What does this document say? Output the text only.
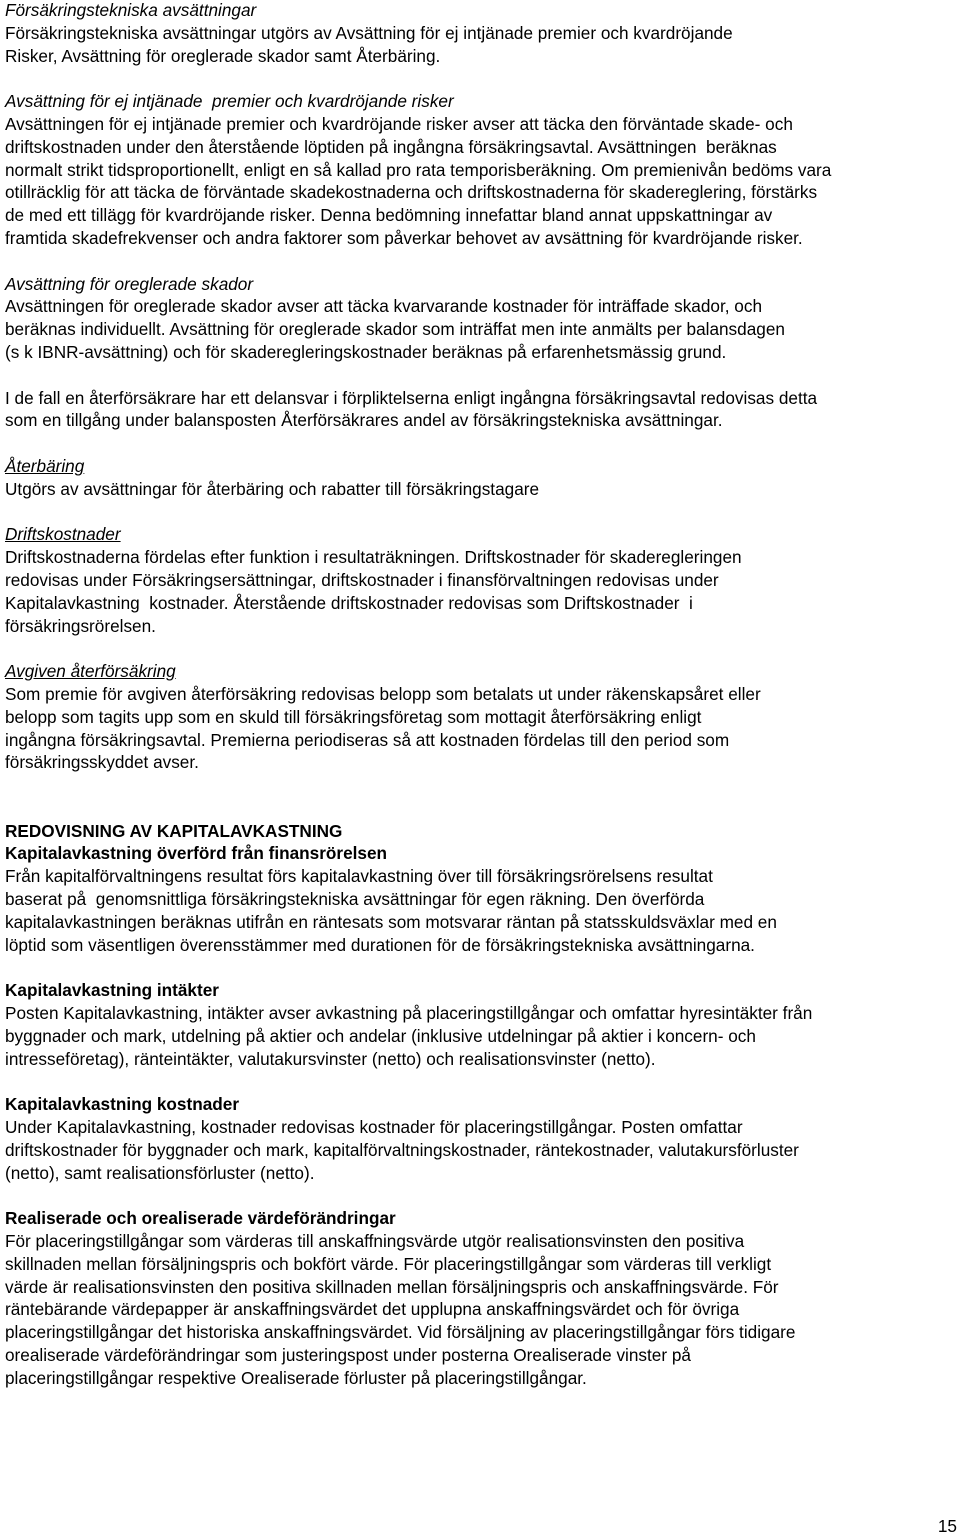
Försäkringstekniska avsättningar
Försäkringstekniska avsättningar utgörs av Avsättning för ej intjänade premier och kvardröjande
Risker, Avsättning för oreglerade skador samt Återbäring.
Avsättning för ej intjänade  premier och kvardröjande risker
Avsättningen för ej intjänade premier och kvardröjande risker avser att täcka den förväntade skade- och
driftskostnaden under den återstående löptiden på ingångna försäkringsavtal. Avsättningen  beräknas
normalt strikt tidsproportionellt, enligt en så kallad pro rata temporisberäkning. Om premienivån bedöms vara
otillräcklig för att täcka de förväntade skadekostnaderna och driftskostnaderna för skadereglering, förstärks
de med ett tillägg för kvardröjande risker. Denna bedömning innefattar bland annat uppskattningar av
framtida skadefrekvenser och andra faktorer som påverkar behovet av avsättning för kvardröjande risker.
Avsättning för oreglerade skador
Avsättningen för oreglerade skador avser att täcka kvarvarande kostnader för inträffade skador, och
beräknas individuellt. Avsättning för oreglerade skador som inträffat men inte anmälts per balansdagen
(s k IBNR-avsättning) och för skaderegleringskostnader beräknas på erfarenhetsmässig grund.
I de fall en återförsäkrare har ett delansvar i förpliktelserna enligt ingångna försäkringsavtal redovisas detta
som en tillgång under balansposten Återförsäkrares andel av försäkringstekniska avsättningar.
Återbäring
Utgörs av avsättningar för återbäring och rabatter till försäkringstagare
Driftskostnader
Driftskostnaderna fördelas efter funktion i resultaträkningen. Driftskostnader för skaderegleringen
redovisas under Försäkringsersättningar, driftskostnader i finansförvaltningen redovisas under
Kapitalavkastning  kostnader. Återstående driftskostnader redovisas som Driftskostnader  i
försäkringsrörelsen.
Avgiven återförsäkring
Som premie för avgiven återförsäkring redovisas belopp som betalats ut under räkenskapsåret eller
belopp som tagits upp som en skuld till försäkringsföretag som mottagit återförsäkring enligt
ingångna försäkringsavtal. Premierna periodiseras så att kostnaden fördelas till den period som
försäkringsskyddet avser.
REDOVISNING AV KAPITALAVKASTNING
Kapitalavkastning överförd från finansrörelsen
Från kapitalförvaltningens resultat förs kapitalavkastning över till försäkringsrörelsens resultat
baserat på  genomsnittliga försäkringstekniska avsättningar för egen räkning. Den överförda
kapitalavkastningen beräknas utifrån en räntesats som motsvarar räntan på statsskuldsväxlar med en
löptid som väsentligen överensstämmer med durationen för de försäkringstekniska avsättningarna.
Kapitalavkastning intäkter
Posten Kapitalavkastning, intäkter avser avkastning på placeringstillgångar och omfattar hyresintäkter från
byggnader och mark, utdelning på aktier och andelar (inklusive utdelningar på aktier i koncern- och
intresseföretag), ränteintäkter, valutakursvinster (netto) och realisationsvinster (netto).
Kapitalavkastning kostnader
Under Kapitalavkastning, kostnader redovisas kostnader för placeringstillgångar. Posten omfattar
driftskostnader för byggnader och mark, kapitalförvaltningskostnader, räntekostnader, valutakursförluster
(netto), samt realisationsförluster (netto).
Realiserade och orealiserade värdeförändringar
För placeringstillgångar som värderas till anskaffningsvärde utgör realisationsvinsten den positiva
skillnaden mellan försäljningspris och bokfört värde. För placeringstillgångar som värderas till verkligt
värde är realisationsvinsten den positiva skillnaden mellan försäljningspris och anskaffningsvärde. För
räntebärande värdepapper är anskaffningsvärdet det upplupna anskaffningsvärdet och för övriga
placeringstillgångar det historiska anskaffningsvärdet. Vid försäljning av placeringstillgångar förs tidigare
orealiserade värdeförändringar som justeringspost under posterna Orealiserade vinster på
placeringstillgångar respektive Orealiserade förluster på placeringstillgångar.
15
